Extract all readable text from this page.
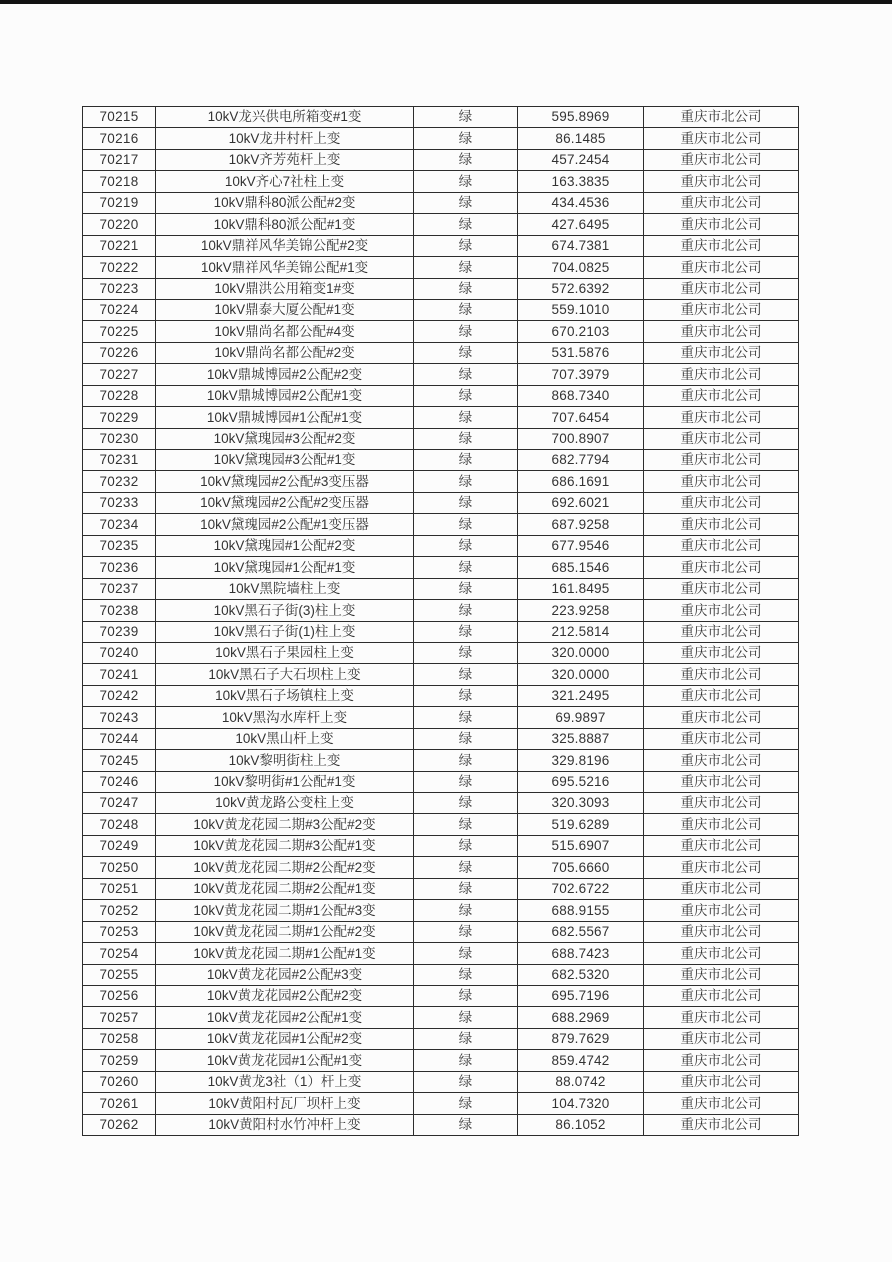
70215	10kV龙兴供电所箱变#1变	绿	595.8969	重庆市北公司
70216	10kV龙井村杆上变	绿	86.1485	重庆市北公司
70217	10kV齐芳苑杆上变	绿	457.2454	重庆市北公司
70218	10kV齐心7社柱上变	绿	163.3835	重庆市北公司
70219	10kV鼎科80派公配#2变	绿	434.4536	重庆市北公司
70220	10kV鼎科80派公配#1变	绿	427.6495	重庆市北公司
70221	10kV鼎祥风华美锦公配#2变	绿	674.7381	重庆市北公司
70222	10kV鼎祥风华美锦公配#1变	绿	704.0825	重庆市北公司
70223	10kV鼎洪公用箱变1#变	绿	572.6392	重庆市北公司
70224	10kV鼎泰大厦公配#1变	绿	559.1010	重庆市北公司
70225	10kV鼎尚名都公配#4变	绿	670.2103	重庆市北公司
70226	10kV鼎尚名都公配#2变	绿	531.5876	重庆市北公司
70227	10kV鼎城博园#2公配#2变	绿	707.3979	重庆市北公司
70228	10kV鼎城博园#2公配#1变	绿	868.7340	重庆市北公司
70229	10kV鼎城博园#1公配#1变	绿	707.6454	重庆市北公司
70230	10kV黛瑰园#3公配#2变	绿	700.8907	重庆市北公司
70231	10kV黛瑰园#3公配#1变	绿	682.7794	重庆市北公司
70232	10kV黛瑰园#2公配#3变压器	绿	686.1691	重庆市北公司
70233	10kV黛瑰园#2公配#2变压器	绿	692.6021	重庆市北公司
70234	10kV黛瑰园#2公配#1变压器	绿	687.9258	重庆市北公司
70235	10kV黛瑰园#1公配#2变	绿	677.9546	重庆市北公司
70236	10kV黛瑰园#1公配#1变	绿	685.1546	重庆市北公司
70237	10kV黑院墙柱上变	绿	161.8495	重庆市北公司
70238	10kV黑石子街(3)柱上变	绿	223.9258	重庆市北公司
70239	10kV黑石子街(1)柱上变	绿	212.5814	重庆市北公司
70240	10kV黑石子果园柱上变	绿	320.0000	重庆市北公司
70241	10kV黑石子大石坝柱上变	绿	320.0000	重庆市北公司
70242	10kV黑石子场镇柱上变	绿	321.2495	重庆市北公司
70243	10kV黑沟水库杆上变	绿	69.9897	重庆市北公司
70244	10kV黑山杆上变	绿	325.8887	重庆市北公司
70245	10kV黎明街柱上变	绿	329.8196	重庆市北公司
70246	10kV黎明街#1公配#1变	绿	695.5216	重庆市北公司
70247	10kV黄龙路公变柱上变	绿	320.3093	重庆市北公司
70248	10kV黄龙花园二期#3公配#2变	绿	519.6289	重庆市北公司
70249	10kV黄龙花园二期#3公配#1变	绿	515.6907	重庆市北公司
70250	10kV黄龙花园二期#2公配#2变	绿	705.6660	重庆市北公司
70251	10kV黄龙花园二期#2公配#1变	绿	702.6722	重庆市北公司
70252	10kV黄龙花园二期#1公配#3变	绿	688.9155	重庆市北公司
70253	10kV黄龙花园二期#1公配#2变	绿	682.5567	重庆市北公司
70254	10kV黄龙花园二期#1公配#1变	绿	688.7423	重庆市北公司
70255	10kV黄龙花园#2公配#3变	绿	682.5320	重庆市北公司
70256	10kV黄龙花园#2公配#2变	绿	695.7196	重庆市北公司
70257	10kV黄龙花园#2公配#1变	绿	688.2969	重庆市北公司
70258	10kV黄龙花园#1公配#2变	绿	879.7629	重庆市北公司
70259	10kV黄龙花园#1公配#1变	绿	859.4742	重庆市北公司
70260	10kV黄龙3社（1）杆上变	绿	88.0742	重庆市北公司
70261	10kV黄阳村瓦厂坝杆上变	绿	104.7320	重庆市北公司
70262	10kV黄阳村水竹冲杆上变	绿	86.1052	重庆市北公司
